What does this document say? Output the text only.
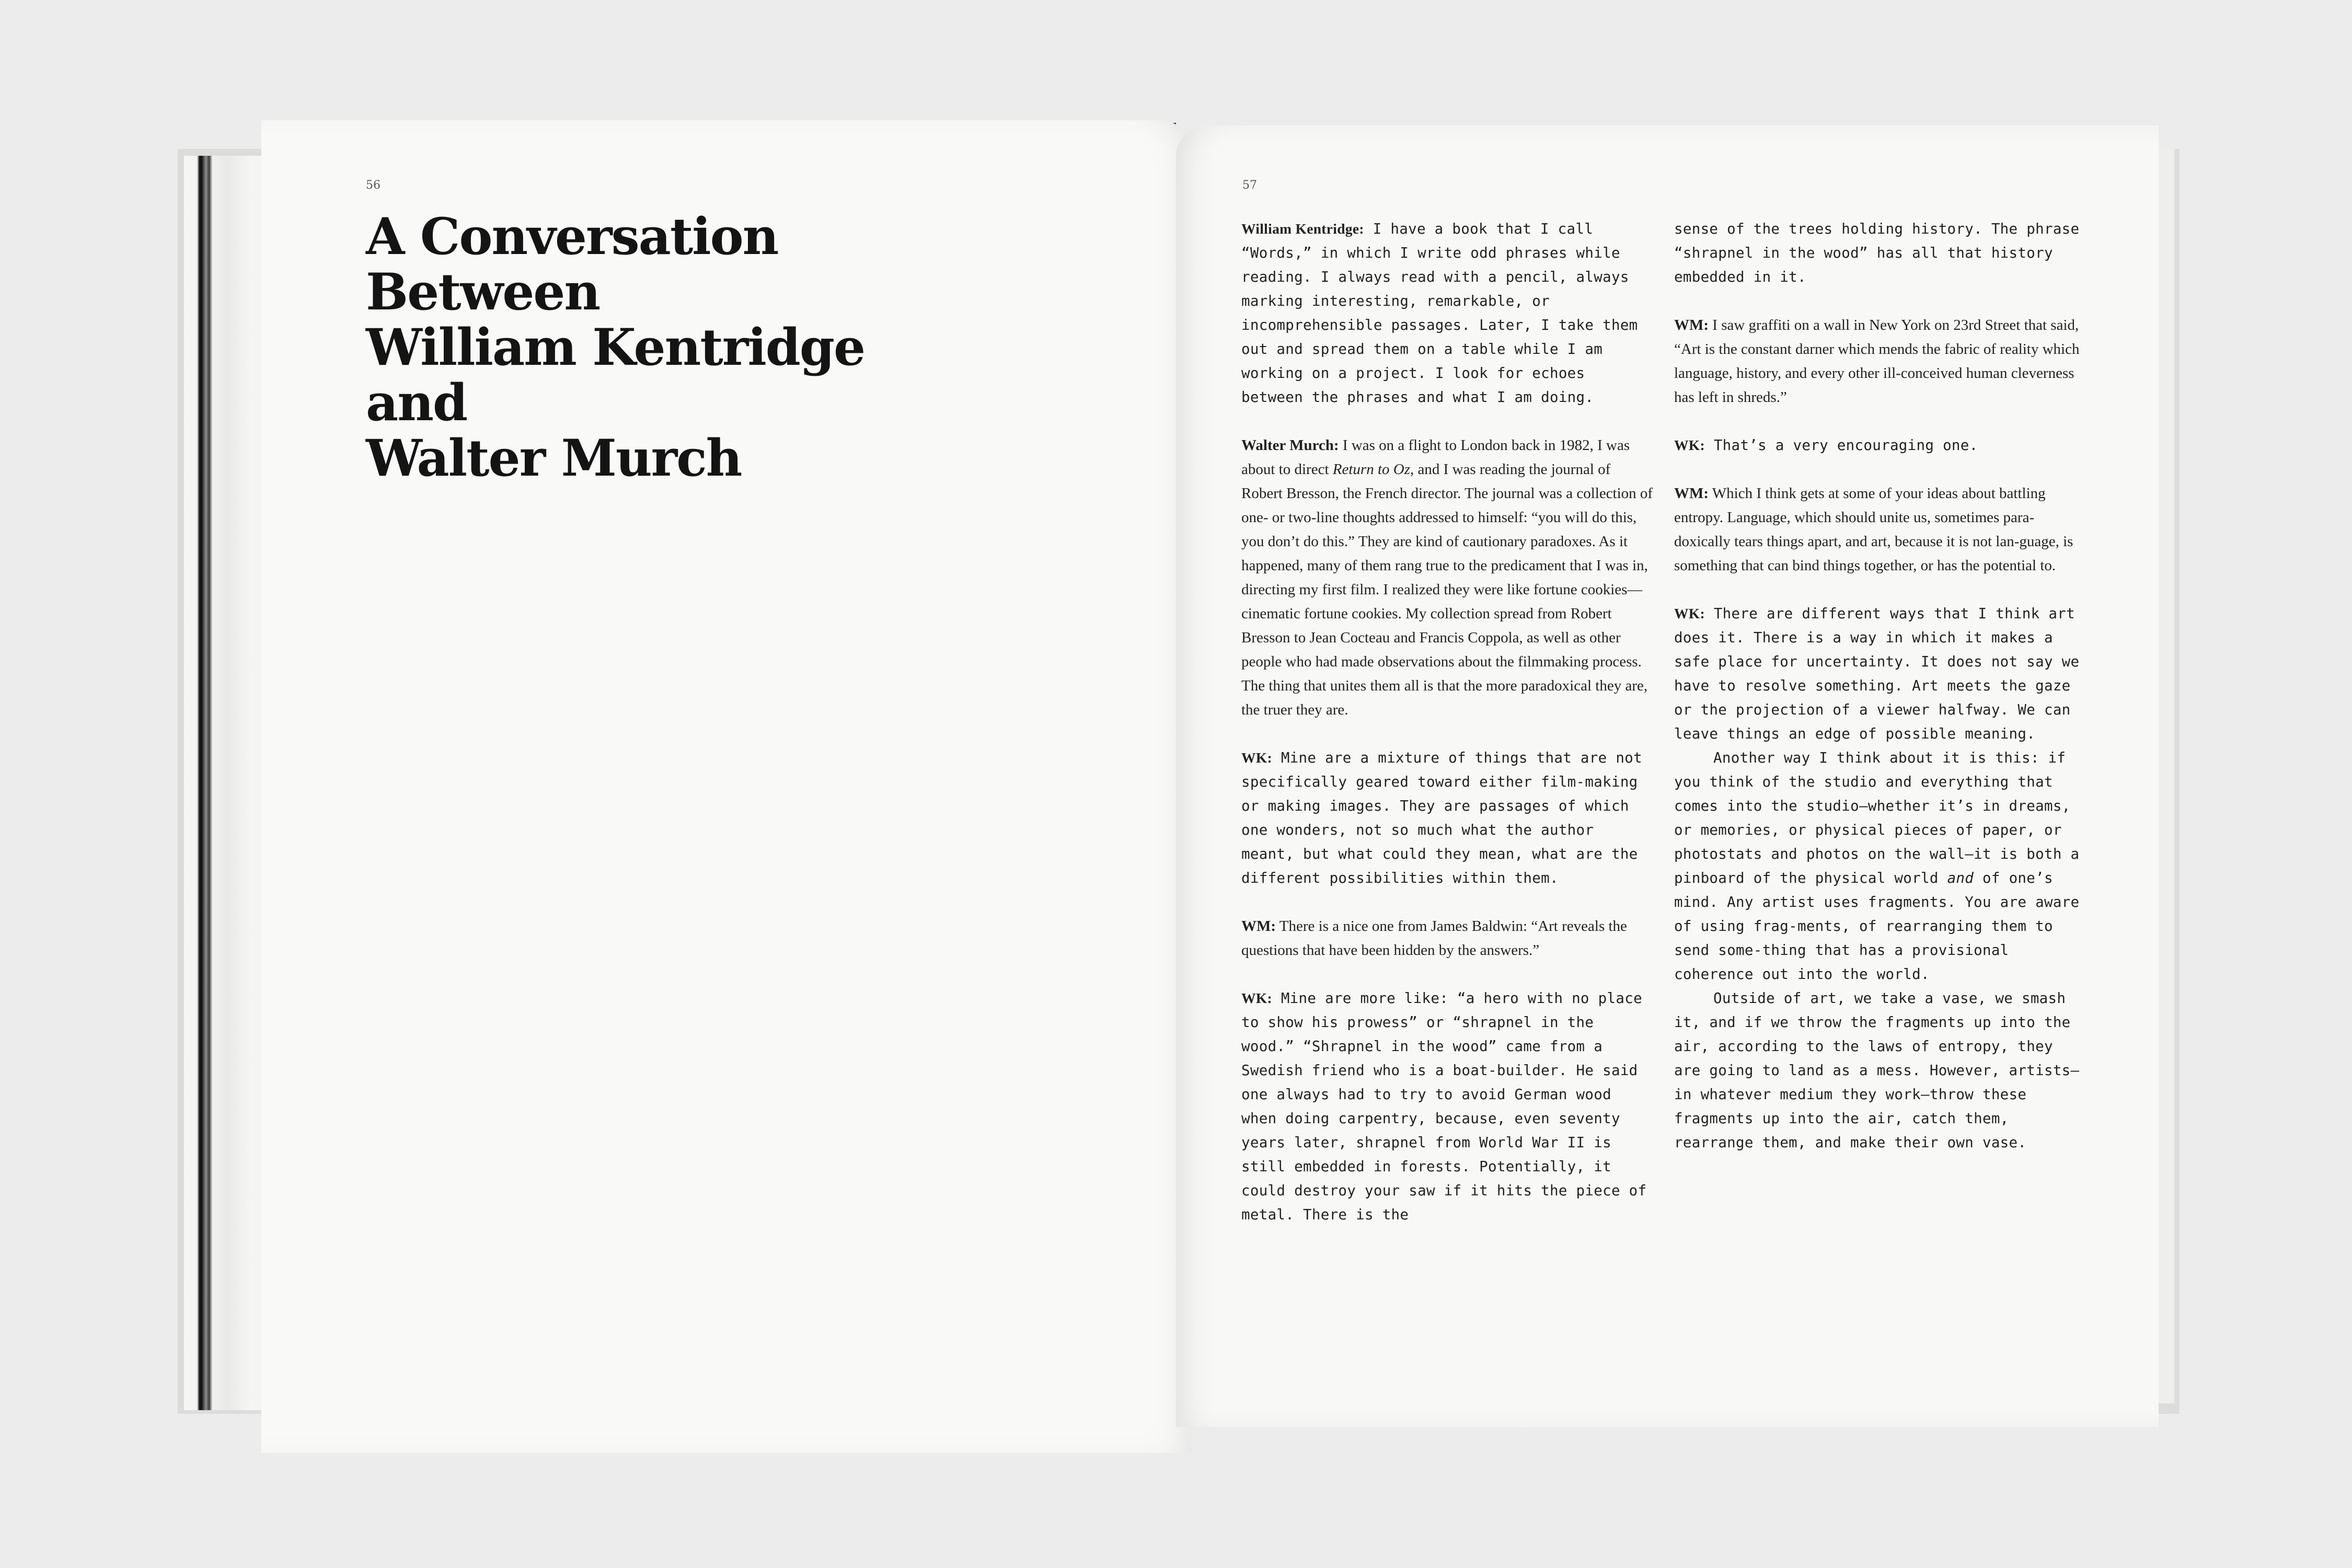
56
A Conversation
Between
William Kentridge
and
Walter Murch
57

William Kentridge: I have a book that I call “Words,” in which I write odd phrases while reading. I always read with a pencil, always marking interesting, remarkable, or incomprehensible passages. Later, I take them out and spread them on a table while I am working on a project. I look for echoes between the phrases and what I am doing.

Walter Murch: I was on a flight to London back in 1982, I was about to direct Return to Oz, and I was reading the journal of Robert Bresson, the French director. The journal was a collection of one- or two-line thoughts addressed to himself: “you will do this, you don’t do this.” They are kind of cautionary paradoxes. As it happened, many of them rang true to the predicament that I was in, directing my first film. I realized they were like fortune cookies—cinematic fortune cookies. My collection spread from Robert Bresson to Jean Cocteau and Francis Coppola, as well as other people who had made observations about the filmmaking process. The thing that unites them all is that the more paradoxical they are, the truer they are.

WK: Mine are a mixture of things that are not specifically geared toward either film-making or making images. They are passages of which one wonders, not so much what the author meant, but what could they mean, what are the different possibilities within them.

WM: There is a nice one from James Baldwin: “Art reveals the questions that have been hidden by the answers.”

WK: Mine are more like: “a hero with no place to show his prowess” or “shrapnel in the wood.” “Shrapnel in the wood” came from a Swedish friend who is a boat-builder. He said one always had to try to avoid German wood when doing carpentry, because, even seventy years later, shrapnel from World War II is still embedded in forests. Potentially, it could destroy your saw if it hits the piece of metal. There is the

sense of the trees holding history. The phrase “shrapnel in the wood” has all that history embedded in it.

WM: I saw graffiti on a wall in New York on 23rd Street that said, “Art is the constant darner which mends the fabric of reality which language, history, and every other ill-conceived human cleverness has left in shreds.”

WK: That’s a very encouraging one.

WM: Which I think gets at some of your ideas about battling entropy. Language, which should unite us, sometimes para-doxically tears things apart, and art, because it is not lan-guage, is something that can bind things together, or has the potential to.

WK: There are different ways that I think art does it. There is a way in which it makes a safe place for uncertainty. It does not say we have to resolve something. Art meets the gaze or the projection of a viewer halfway. We can leave things an edge of possible meaning.

Another way I think about it is this: if you think of the studio and everything that comes into the studio—whether it’s in dreams, or memories, or physical pieces of paper, or photostats and photos on the wall—it is both a pinboard of the physical world and of one’s mind. Any artist uses fragments. You are aware of using frag-ments, of rearranging them to send some-thing that has a provisional coherence out into the world.

Outside of art, we take a vase, we smash it, and if we throw the fragments up into the air, according to the laws of entropy, they are going to land as a mess. However, artists—in whatever medium they work—throw these fragments up into the air, catch them, rearrange them, and make their own vase.
